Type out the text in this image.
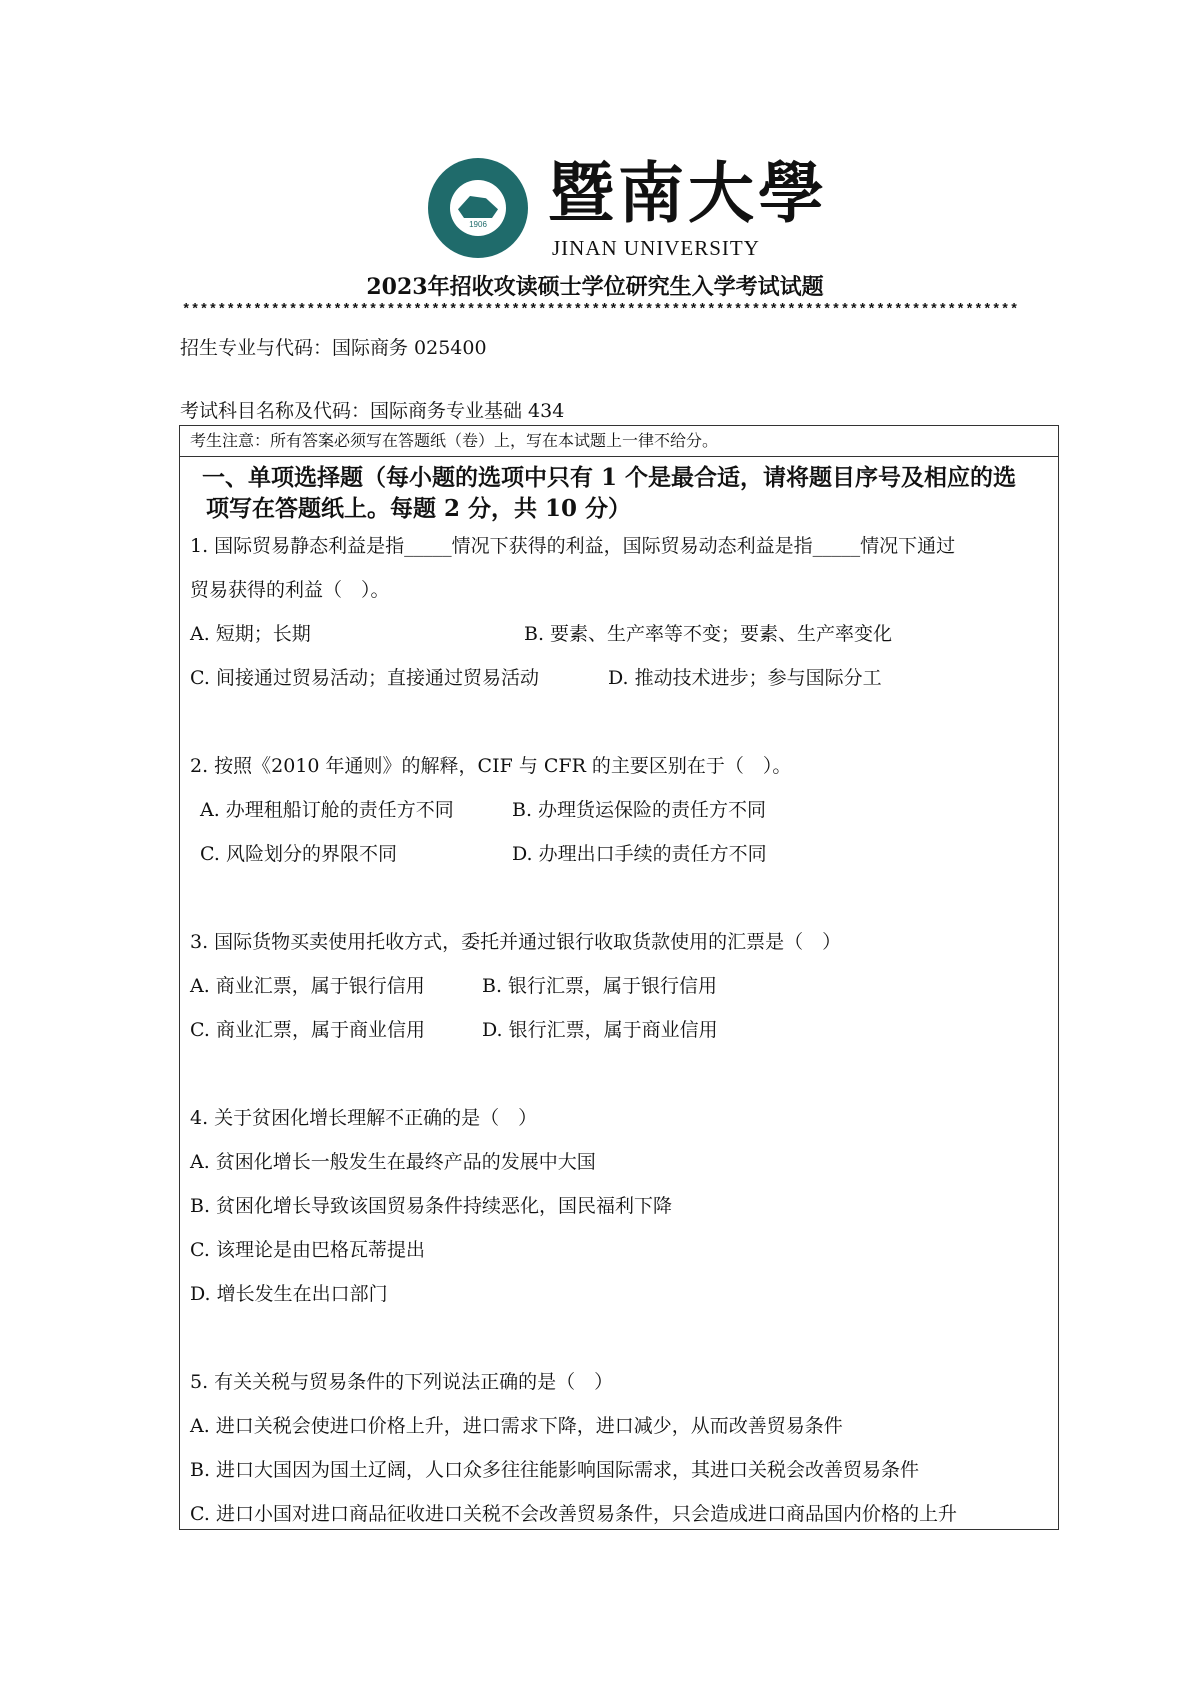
1906 暨南大學
JINAN UNIVERSITY
2023年招收攻读硕士学位研究生入学考试试题
**********************************************************************************************
招生专业与代码：国际商务 025400
考试科目名称及代码：国际商务专业基础 434
考生注意：所有答案必须写在答题纸（卷）上，写在本试题上一律不给分。
一、单项选择题（每小题的选项中只有 1 个是最合适，请将题目序号及相应的选
项写在答题纸上。每题 2 分，共 10 分）
1. 国际贸易静态利益是指_____情况下获得的利益，国际贸易动态利益是指_____情况下通过
贸易获得的利益（　）。
A. 短期；长期	B. 要素、生产率等不变；要素、生产率变化
C. 间接通过贸易活动；直接通过贸易活动	D. 推动技术进步；参与国际分工
2. 按照《2010 年通则》的解释，CIF 与 CFR 的主要区别在于（　）。
A. 办理租船订舱的责任方不同	B. 办理货运保险的责任方不同
C. 风险划分的界限不同	D. 办理出口手续的责任方不同
3. 国际货物买卖使用托收方式，委托并通过银行收取货款使用的汇票是（　）
A. 商业汇票，属于银行信用	B. 银行汇票，属于银行信用
C. 商业汇票，属于商业信用	D. 银行汇票，属于商业信用
4. 关于贫困化增长理解不正确的是（　）
A. 贫困化增长一般发生在最终产品的发展中大国
B. 贫困化增长导致该国贸易条件持续恶化，国民福利下降
C. 该理论是由巴格瓦蒂提出
D. 增长发生在出口部门
5. 有关关税与贸易条件的下列说法正确的是（　）
A. 进口关税会使进口价格上升，进口需求下降，进口减少，从而改善贸易条件
B. 进口大国因为国土辽阔，人口众多往往能影响国际需求，其进口关税会改善贸易条件
C. 进口小国对进口商品征收进口关税不会改善贸易条件，只会造成进口商品国内价格的上升
